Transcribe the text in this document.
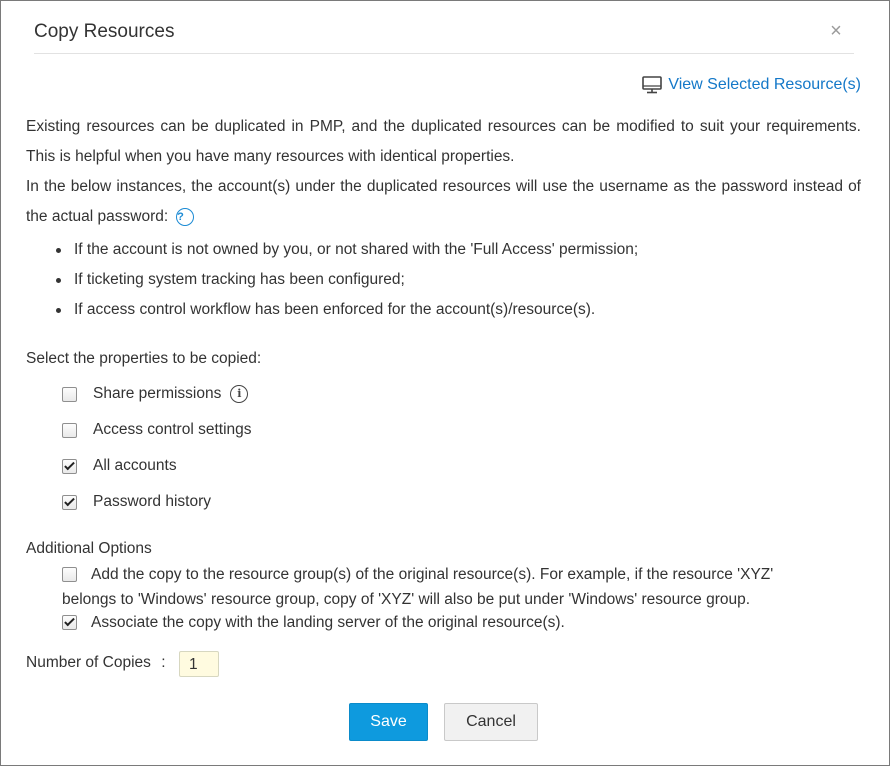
Copy Resources	×
View Selected Resource(s)
Existing resources can be duplicated in PMP, and the duplicated resources can be modified to suit your requirements. This is helpful when you have many resources with identical properties.
In the below instances, the account(s) under the duplicated resources will use the username as the password instead of the actual password: ?
If the account is not owned by you, or not shared with the 'Full Access' permission;
If ticketing system tracking has been configured;
If access control workflow has been enforced for the account(s)/resource(s).
Select the properties to be copied:
Share permissions	i
Access control settings
All accounts
Password history
Additional Options
Add the copy to the resource group(s) of the original resource(s). For example, if the resource 'XYZ' belongs to 'Windows' resource group, copy of 'XYZ' will also be put under 'Windows' resource group.
Associate the copy with the landing server of the original resource(s).
Number of Copies :	1
Save	Cancel
